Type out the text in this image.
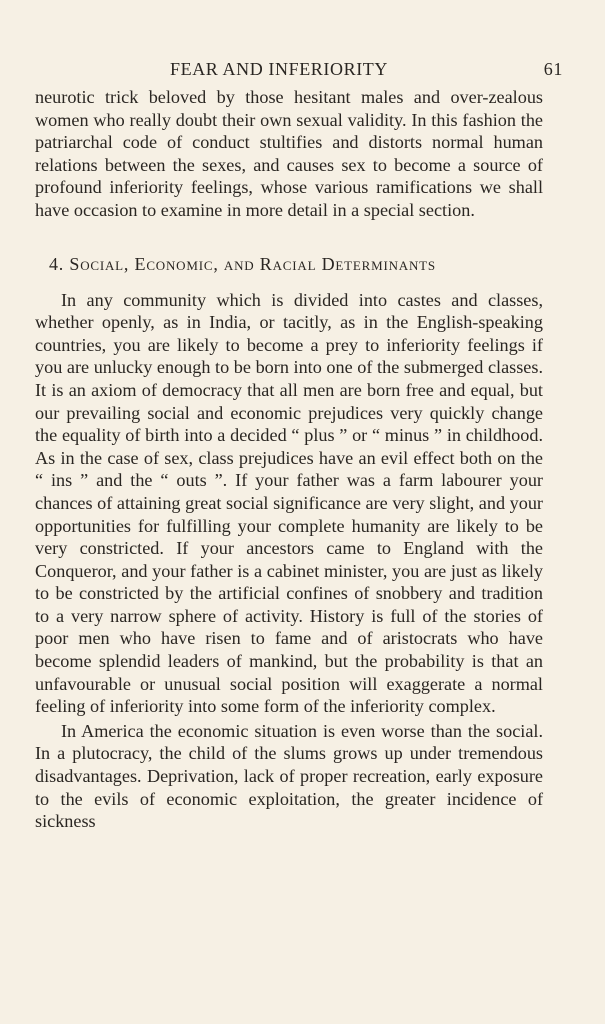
FEAR AND INFERIORITY	61

neurotic trick beloved by those hesitant males and over-zealous women who really doubt their own sexual validity. In this fashion the patriarchal code of conduct stultifies and distorts normal human relations between the sexes, and causes sex to become a source of profound inferiority feelings, whose various ramifications we shall have occasion to examine in more detail in a special section.

4. Social, Economic, and Racial Determinants

In any community which is divided into castes and classes, whether openly, as in India, or tacitly, as in the English-speaking countries, you are likely to become a prey to inferiority feelings if you are unlucky enough to be born into one of the submerged classes. It is an axiom of democracy that all men are born free and equal, but our prevailing social and economic prejudices very quickly change the equality of birth into a decided “ plus ” or “ minus ” in childhood. As in the case of sex, class prejudices have an evil effect both on the “ ins ” and the “ outs ”. If your father was a farm labourer your chances of attaining great social significance are very slight, and your opportunities for fulfilling your complete humanity are likely to be very constricted. If your ancestors came to England with the Conqueror, and your father is a cabinet minister, you are just as likely to be constricted by the artificial confines of snobbery and tradition to a very narrow sphere of activity. History is full of the stories of poor men who have risen to fame and of aristocrats who have become splendid leaders of mankind, but the probability is that an unfavourable or unusual social position will exaggerate a normal feeling of inferiority into some form of the inferiority complex.

In America the economic situation is even worse than the social. In a plutocracy, the child of the slums grows up under tremendous disadvantages. Deprivation, lack of proper recreation, early exposure to the evils of economic exploitation, the greater incidence of sickness
